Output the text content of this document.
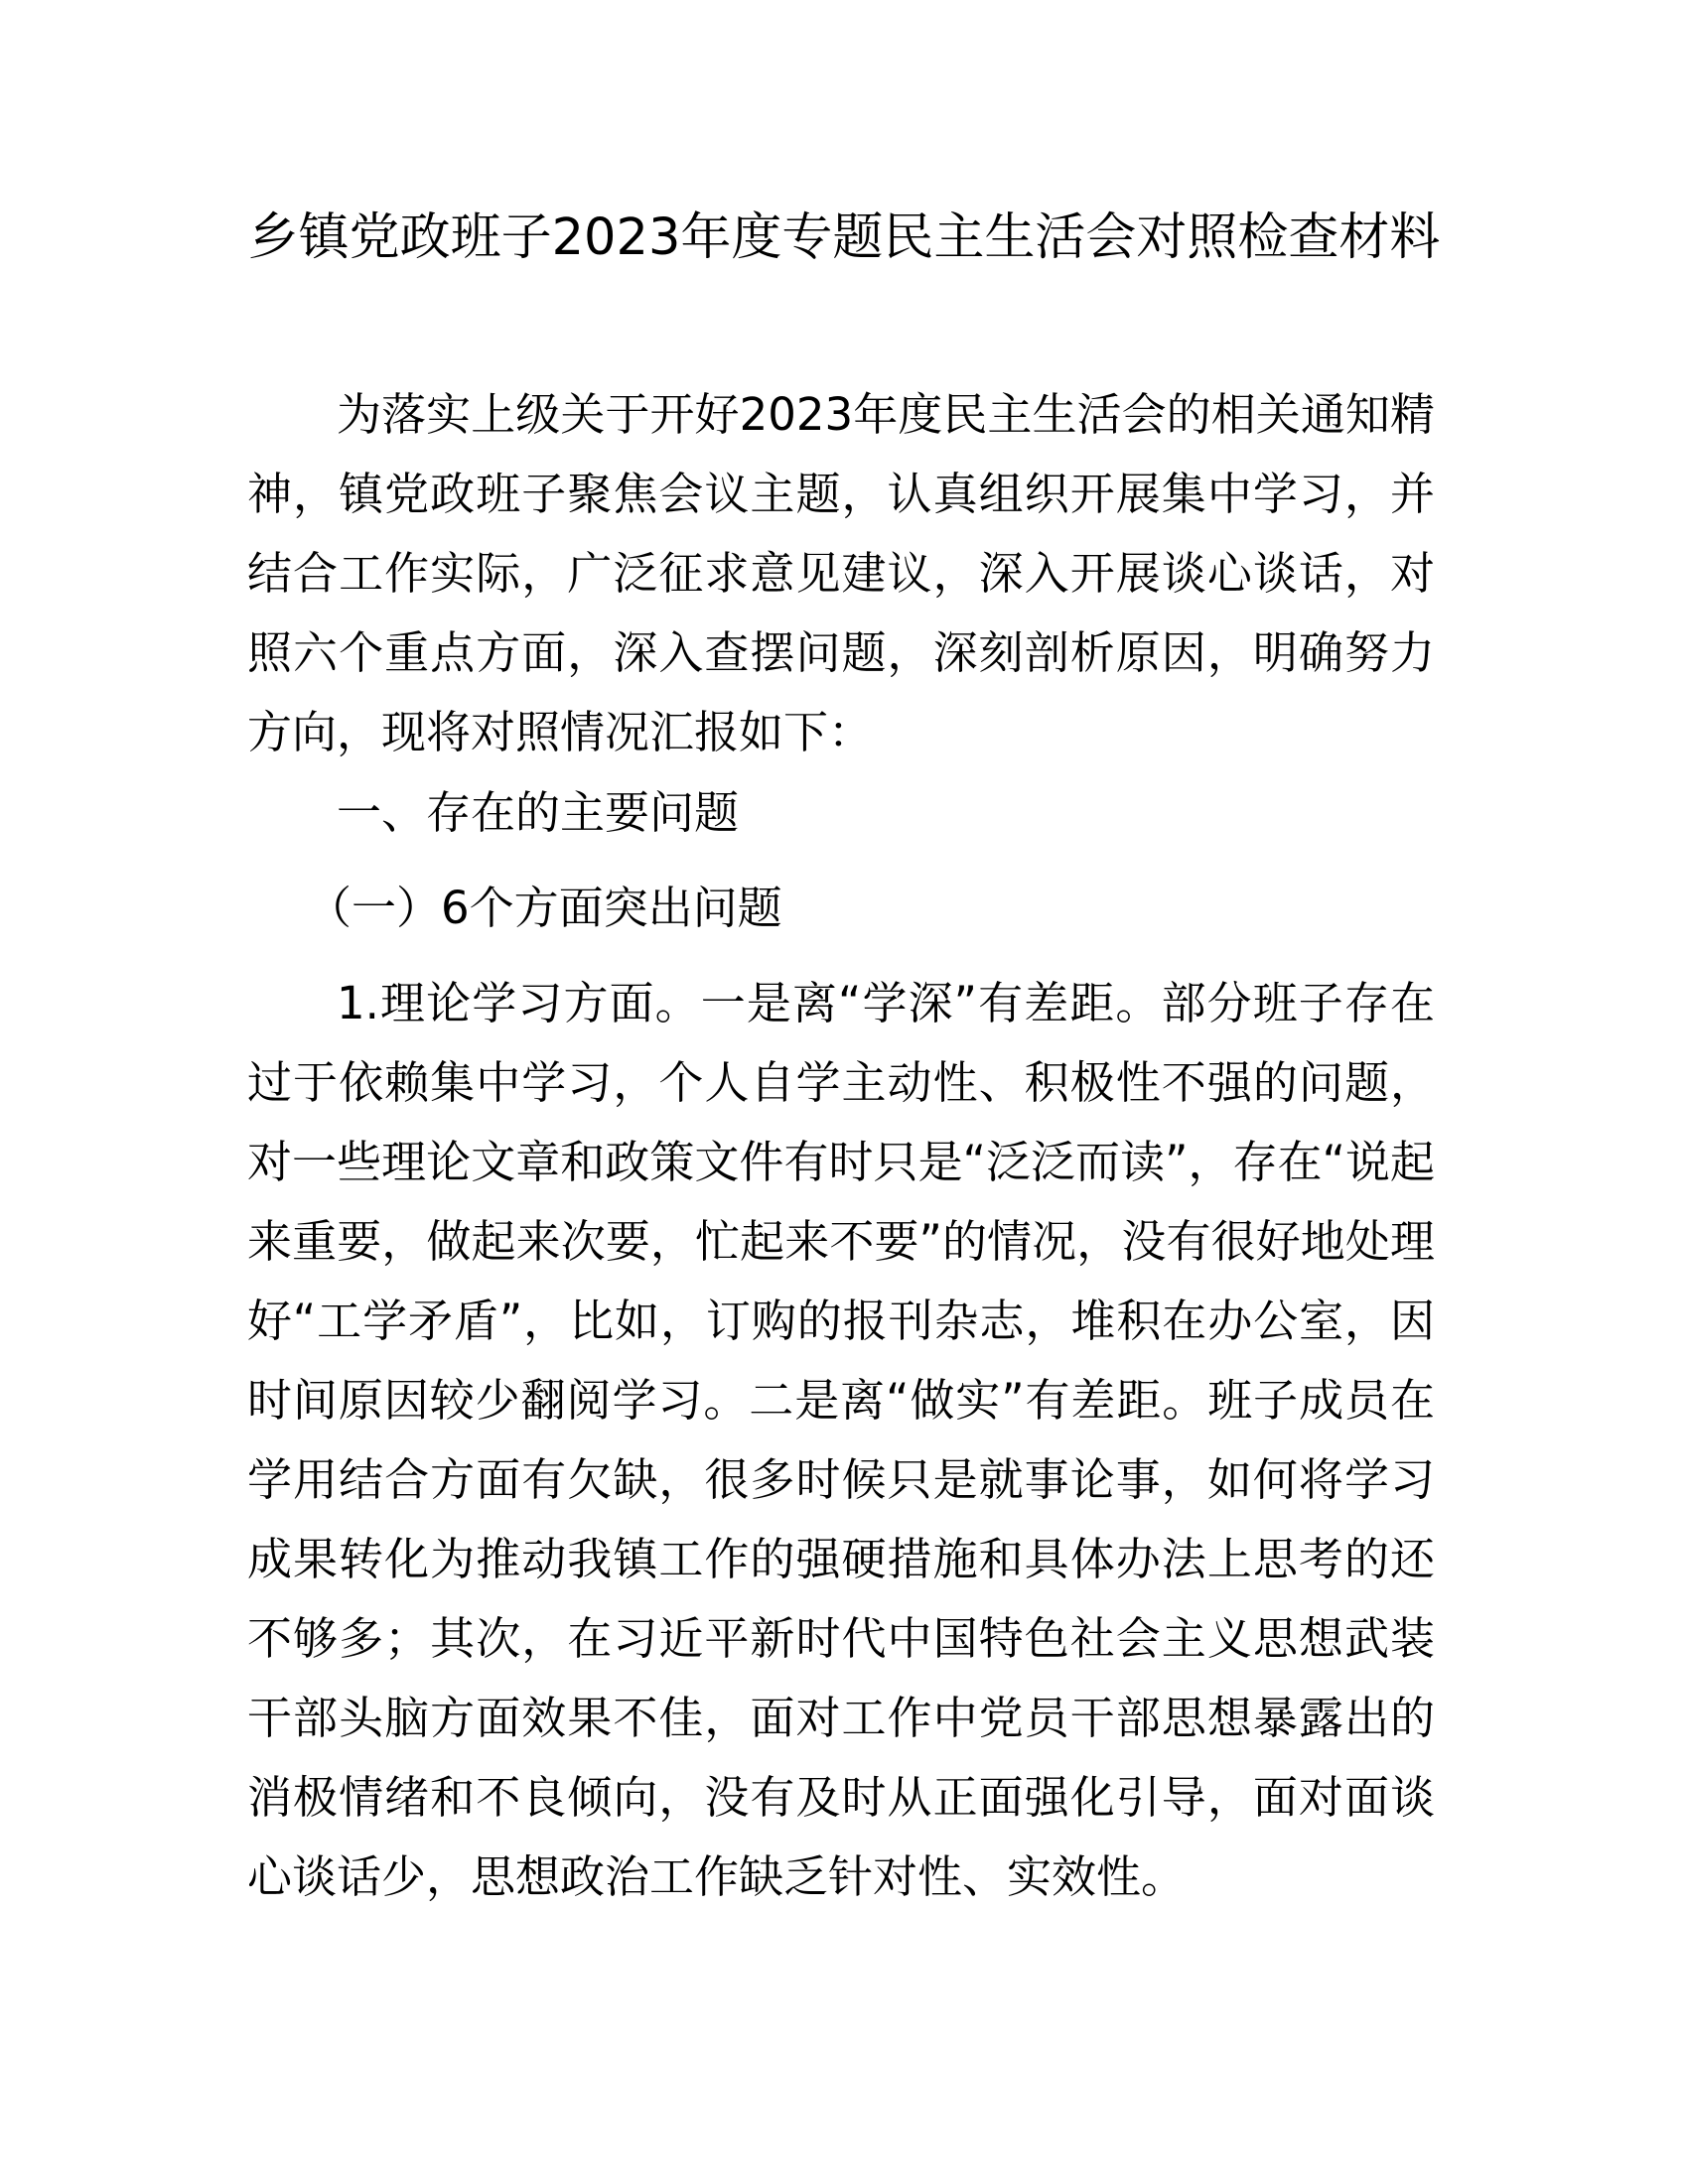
乡镇党政班子2023年度专题民主生活会对照检查材料

为落实上级关于开好2023年度民主生活会的相关通知精神，镇党政班子聚焦会议主题，认真组织开展集中学习，并结合工作实际，广泛征求意见建议，深入开展谈心谈话，对照六个重点方面，深入查摆问题，深刻剖析原因，明确努力方向，现将对照情况汇报如下：

一、存在的主要问题

（一）6个方面突出问题

1.理论学习方面。一是离“学深”有差距。部分班子存在过于依赖集中学习，个人自学主动性、积极性不强的问题，对一些理论文章和政策文件有时只是“泛泛而读”，存在“说起来重要，做起来次要，忙起来不要”的情况，没有很好地处理好“工学矛盾”，比如，订购的报刊杂志，堆积在办公室，因时间原因较少翻阅学习。二是离“做实”有差距。班子成员在学用结合方面有欠缺，很多时候只是就事论事，如何将学习成果转化为推动我镇工作的强硬措施和具体办法上思考的还不够多；其次，在习近平新时代中国特色社会主义思想武装干部头脑方面效果不佳，面对工作中党员干部思想暴露出的消极情绪和不良倾向，没有及时从正面强化引导，面对面谈心谈话少，思想政治工作缺乏针对性、实效性。
